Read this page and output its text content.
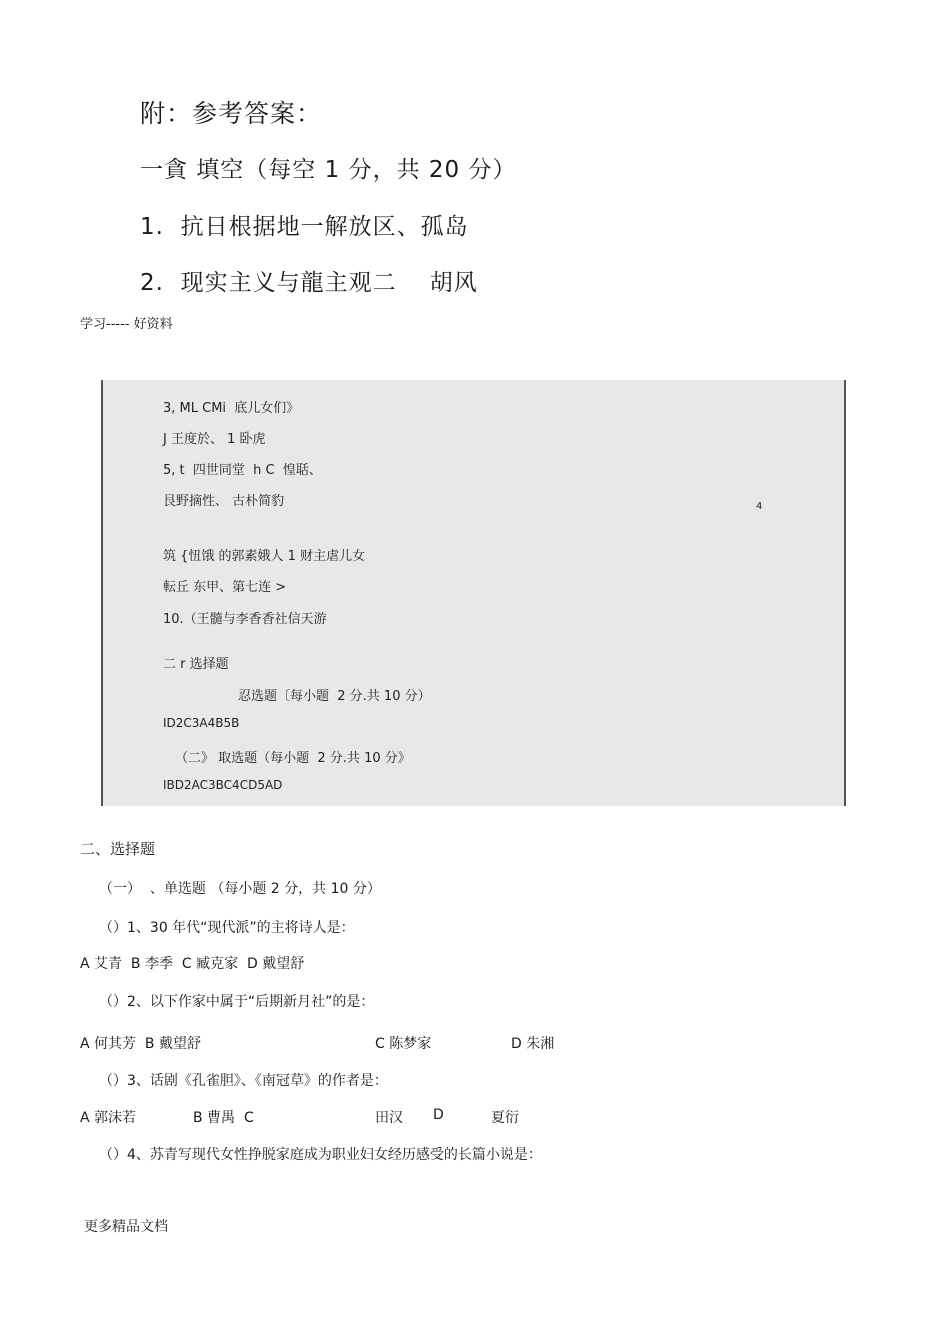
附：参考答案：
一貪 填空（每空 1 分，共 20 分）
1.  抗日根据地一解放区、孤岛
2.  现实主义与龍主观二    胡风
学习----- 好资料
3, ML CMi  底儿女们》
J 王度於、 1 卧虎
5, t  四世同堂  h C  惶聒、
艮野摘性、 古朴简豹	4
筑 {忸饿 的郭素娥人 1 财主虐儿女
転丘 东甲、第七连 >
10.（王髓与李香香社信天游
二 r 选择题
忍选题〔每小题  2 分.共 10 分）
ID2C3A4B5B
（二》 取选题（每小题  2 分.共 10 分》
IBD2AC3BC4CD5AD
二、选择题
（一）  、单选题 （每小题 2 分，共 10 分）
（）1、30 年代“现代派”的主将诗人是：
A 艾青  B 李季  C 臧克家  D 戴望舒
（）2、以下作家中属于“后期新月社”的是：
A 何其芳  B 戴望舒	C 陈梦家	D 朱湘
（）3、话剧《孔雀胆》、《南冠草》的作者是：
A 郭沫若	B 曹禺  C	田汉 D	夏衍
（）4、苏青写现代女性挣脱家庭成为职业妇女经历感受的长篇小说是：
更多精品文档
